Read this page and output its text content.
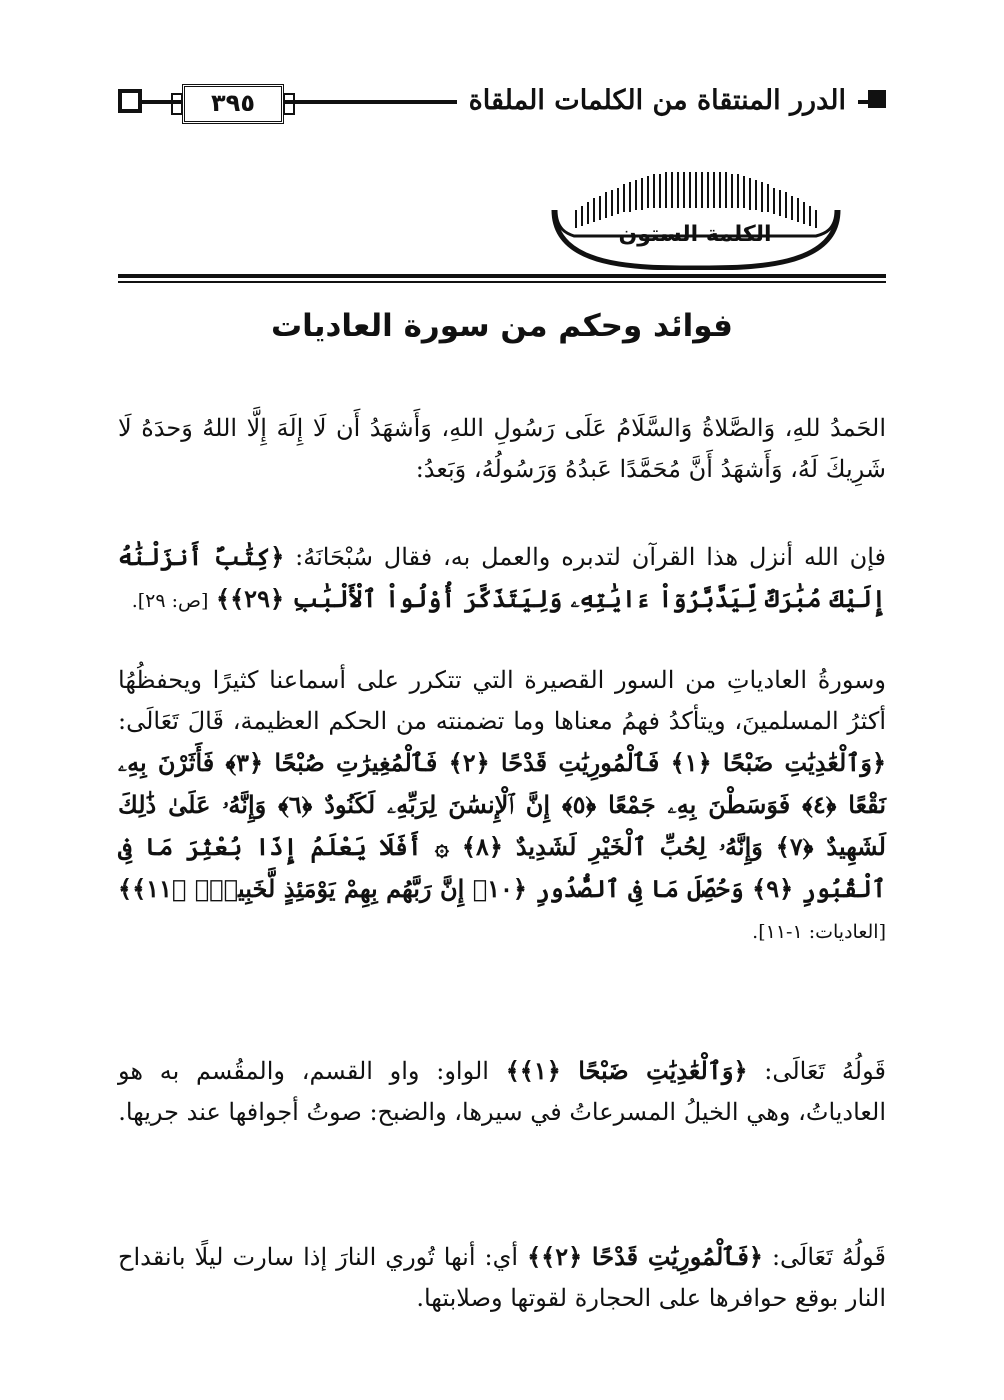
الدرر المنتقاة من الكلمات الملقاة
٣٩٥
الكلمة الستون
فوائد وحكم من سورة العاديات

الحَمدُ للهِ، وَالصَّلاةُ وَالسَّلَامُ عَلَى رَسُولِ اللهِ، وَأَشهَدُ أَن لَا إِلَهَ إِلَّا اللهُ وَحدَهُ لَا شَرِيكَ لَهُ، وَأَشهَدُ أَنَّ مُحَمَّدًا عَبدُهُ وَرَسُولُهُ، وَبَعدُ:

فإن الله أنزل هذا القرآن لتدبره والعمل به، فقال سُبْحَانَهُ: ﴿كِتَٰبٌ أَنزَلْنَٰهُ إِلَيْكَ مُبَٰرَكٌ لِّيَدَّبَّرُوٓاْ ءَايَٰتِهِۦ وَلِيَتَذَكَّرَ أُوْلُواْ ٱلْأَلْبَٰبِ ﴿٢٩﴾﴾ [ص: ٢٩].

وسورةُ العادياتِ من السور القصيرة التي تتكرر على أسماعنا كثيرًا ويحفظُهُا أكثرُ المسلمينَ، ويتأكدُ فهمُ معناها وما تضمنته من الحكم العظيمة، قَالَ تَعَالَى: ﴿وَٱلْعَٰدِيَٰتِ ضَبْحًا ﴿١﴾ فَٱلْمُورِيَٰتِ قَدْحًا ﴿٢﴾ فَٱلْمُغِيرَٰتِ صُبْحًا ﴿٣﴾ فَأَثَرْنَ بِهِۦ نَقْعًا ﴿٤﴾ فَوَسَطْنَ بِهِۦ جَمْعًا ﴿٥﴾ إِنَّ ٱلْإِنسَٰنَ لِرَبِّهِۦ لَكَنُودٌ ﴿٦﴾ وَإِنَّهُۥ عَلَىٰ ذَٰلِكَ لَشَهِيدٌ ﴿٧﴾ وَإِنَّهُۥ لِحُبِّ ٱلْخَيْرِ لَشَدِيدٌ ﴿٨﴾ ۞ أَفَلَا يَعْلَمُ إِذَا بُعْثِرَ مَا فِى ٱلْقُبُورِ ﴿٩﴾ وَحُصِّلَ مَا فِى ٱلصُّدُورِ ﴿١٠﴾ إِنَّ رَبَّهُم بِهِمْ يَوْمَئِذٍ لَّخَبِيرٌۢ ﴿١١﴾﴾ [العاديات: ١-١١].

قَولُهُ تَعَالَى: ﴿وَٱلْعَٰدِيَٰتِ ضَبْحًا ﴿١﴾﴾ الواو: واو القسم، والمقُسم به هو العادياتُ، وهي الخيلُ المسرعاتُ في سيرها، والضبح: صوتُ أجوافها عند جريها.

قَولُهُ تَعَالَى: ﴿فَٱلْمُورِيَٰتِ قَدْحًا ﴿٢﴾﴾ أي: أنها تُوري النارَ إذا سارت ليلًا بانقداح النار بوقع حوافرها على الحجارة لقوتها وصلابتها.
